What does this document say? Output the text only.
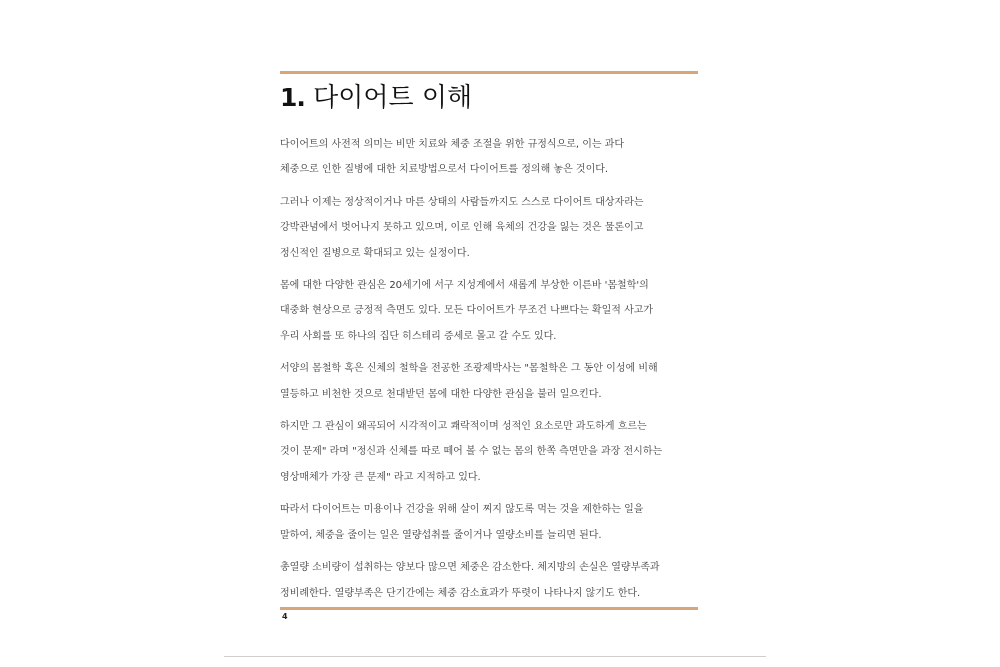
1. 다이어트 이해

다이어트의 사전적 의미는 비만 치료와 체중 조절을 위한 규정식으로, 이는 과다
체중으로 인한 질병에 대한 치료방법으로서 다이어트를 정의해 놓은 것이다.

그러나 이제는 정상적이거나 마른 상태의 사람들까지도 스스로 다이어트 대상자라는
강박관념에서 벗어나지 못하고 있으며, 이로 인해 육체의 건강을 잃는 것은 물론이고
정신적인 질병으로 확대되고 있는 실정이다.

몸에 대한 다양한 관심은 20세기에 서구 지성계에서 새롭게 부상한 이른바 '몸철학'의
대중화 현상으로 긍정적 측면도 있다. 모든 다이어트가 무조건 나쁘다는 확일적 사고가
우리 사회를 또 하나의 집단 히스테리 증세로 몰고 갈 수도 있다.

서양의 몸철학 혹은 신체의 철학을 전공한 조광제박사는 "몸철학은 그 동안 이성에 비해
열등하고 비천한 것으로 천대받던 몸에 대한 다양한 관심을 불러 일으킨다.

하지만 그 관심이 왜곡되어 시각적이고 쾌락적이며 성적인 요소로만 과도하게 흐르는
것이 문제" 라며 "정신과 신체를 따로 떼어 볼 수 없는 몸의 한쪽 측면만을 과장 전시하는
영상매체가 가장 큰 문제" 라고 지적하고 있다.

따라서 다이어트는 미용이나 건강을 위해 살이 찌지 않도록 먹는 것을 제한하는 일을
말하여, 체중을 줄이는 일은 열량섭취를 줄이거나 열량소비를 늘리면 된다.

총열량 소비량이 섭취하는 양보다 많으면 체중은 감소한다. 체지방의 손실은 열량부족과
정비례한다. 열량부족은 단기간에는 체중 감소효과가 뚜렷이 나타나지 않기도 한다.

4
